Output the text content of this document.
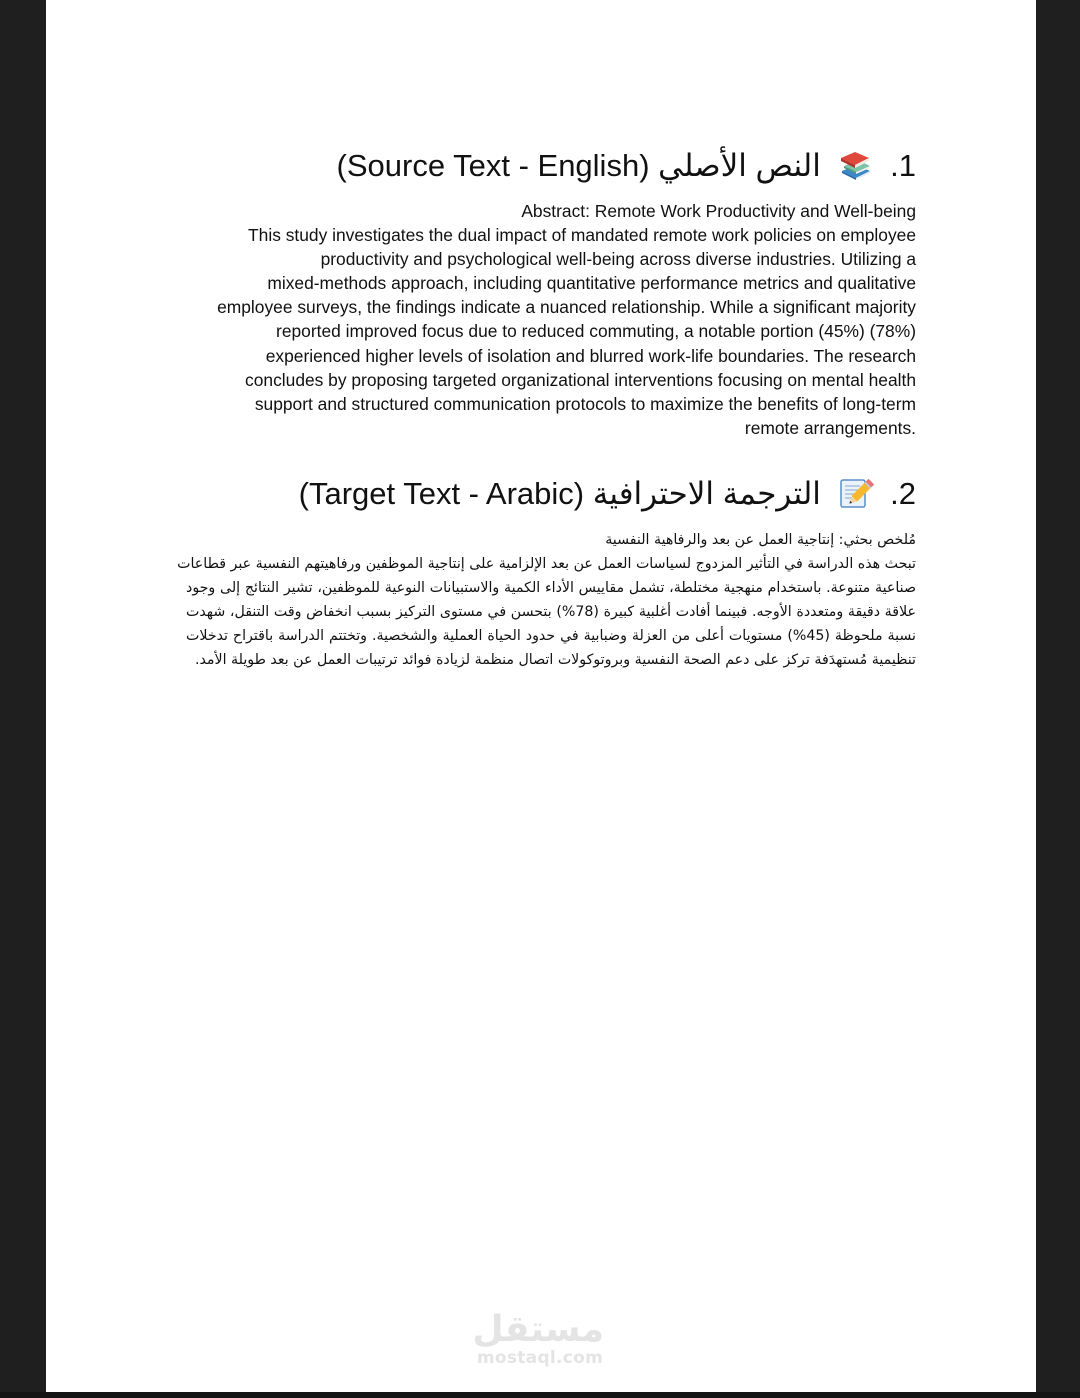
1.  النص الأصلي (Source Text - English)
Abstract: Remote Work Productivity and Well-being
This study investigates the dual impact of mandated remote work policies on employee
productivity and psychological well-being across diverse industries. Utilizing a
mixed-methods approach, including quantitative performance metrics and qualitative
employee surveys, the findings indicate a nuanced relationship. While a significant majority
(78%) reported improved focus due to reduced commuting, a notable portion (45%)
experienced higher levels of isolation and blurred work-life boundaries. The research
concludes by proposing targeted organizational interventions focusing on mental health
support and structured communication protocols to maximize the benefits of long-term
remote arrangements.
2.  الترجمة الاحترافية (Target Text - Arabic)
مُلخص بحثي: إنتاجية العمل عن بعد والرفاهية النفسية
تبحث هذه الدراسة في التأثير المزدوج لسياسات العمل عن بعد الإلزامية على إنتاجية الموظفين ورفاهيتهم النفسية عبر قطاعات
صناعية متنوعة. باستخدام منهجية مختلطة، تشمل مقاييس الأداء الكمية والاستبيانات النوعية للموظفين، تشير النتائج إلى وجود
علاقة دقيقة ومتعددة الأوجه. فبينما أفادت أغلبية كبيرة (78%) بتحسن في مستوى التركيز بسبب انخفاض وقت التنقل، شهدت
نسبة ملحوظة (45%) مستويات أعلى من العزلة وضبابية في حدود الحياة العملية والشخصية. وتختتم الدراسة باقتراح تدخلات
تنظيمية مُستهدَفة تركز على دعم الصحة النفسية وبروتوكولات اتصال منظمة لزيادة فوائد ترتيبات العمل عن بعد طويلة الأمد.
مستقل
mostaql.com
